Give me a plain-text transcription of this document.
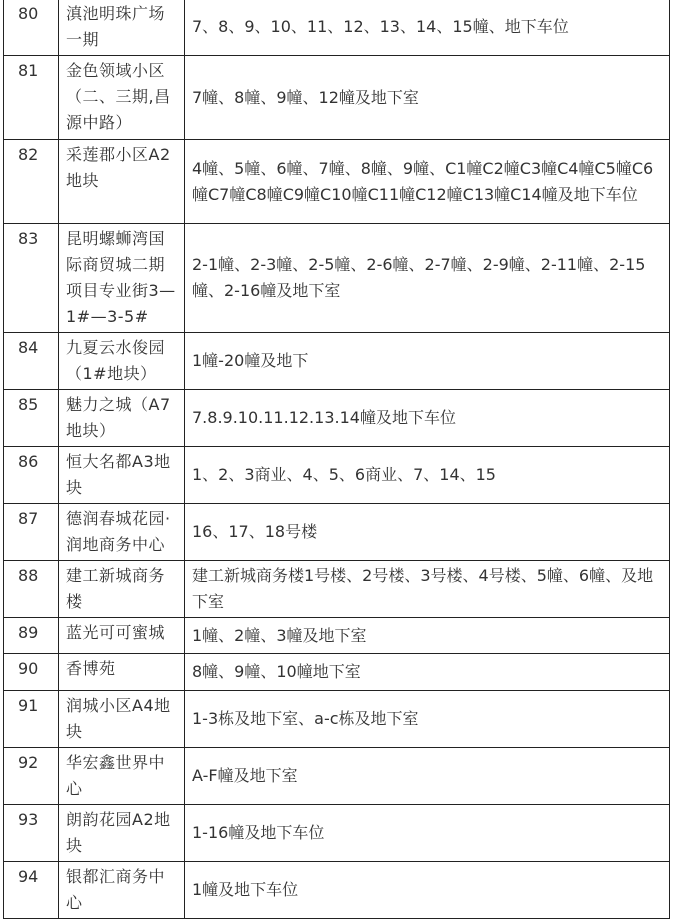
80	滇池明珠广场一期	7、8、9、10、11、12、13、14、15幢、地下车位
81	金色领域小区（二、三期,昌源中路）	7幢、8幢、9幢、12幢及地下室
82	采莲郡小区A2地块	4幢、5幢、6幢、7幢、8幢、9幢、C1幢C2幢C3幢C4幢C5幢C6幢C7幢C8幢C9幢C10幢C11幢C12幢C13幢C14幢及地下车位
83	昆明螺蛳湾国际商贸城二期项目专业街3—1#—3-5#	2-1幢、2-3幢、2-5幢、2-6幢、2-7幢、2-9幢、2-11幢、2-15幢、2-16幢及地下室
84	九夏云水俊园（1#地块）	1幢-20幢及地下
85	魅力之城（A7地块）	7.8.9.10.11.12.13.14幢及地下车位
86	恒大名都A3地块	1、2、3商业、4、5、6商业、7、14、15
87	德润春城花园·润地商务中心	16、17、18号楼
88	建工新城商务楼	建工新城商务楼1号楼、2号楼、3号楼、4号楼、5幢、6幢、及地下室
89	蓝光可可蜜城	1幢、2幢、3幢及地下室
90	香博苑	8幢、9幢、10幢地下室
91	润城小区A4地块	1-3栋及地下室、a-c栋及地下室
92	华宏鑫世界中心	A-F幢及地下室
93	朗韵花园A2地块	1-16幢及地下车位
94	银都汇商务中心	1幢及地下车位
